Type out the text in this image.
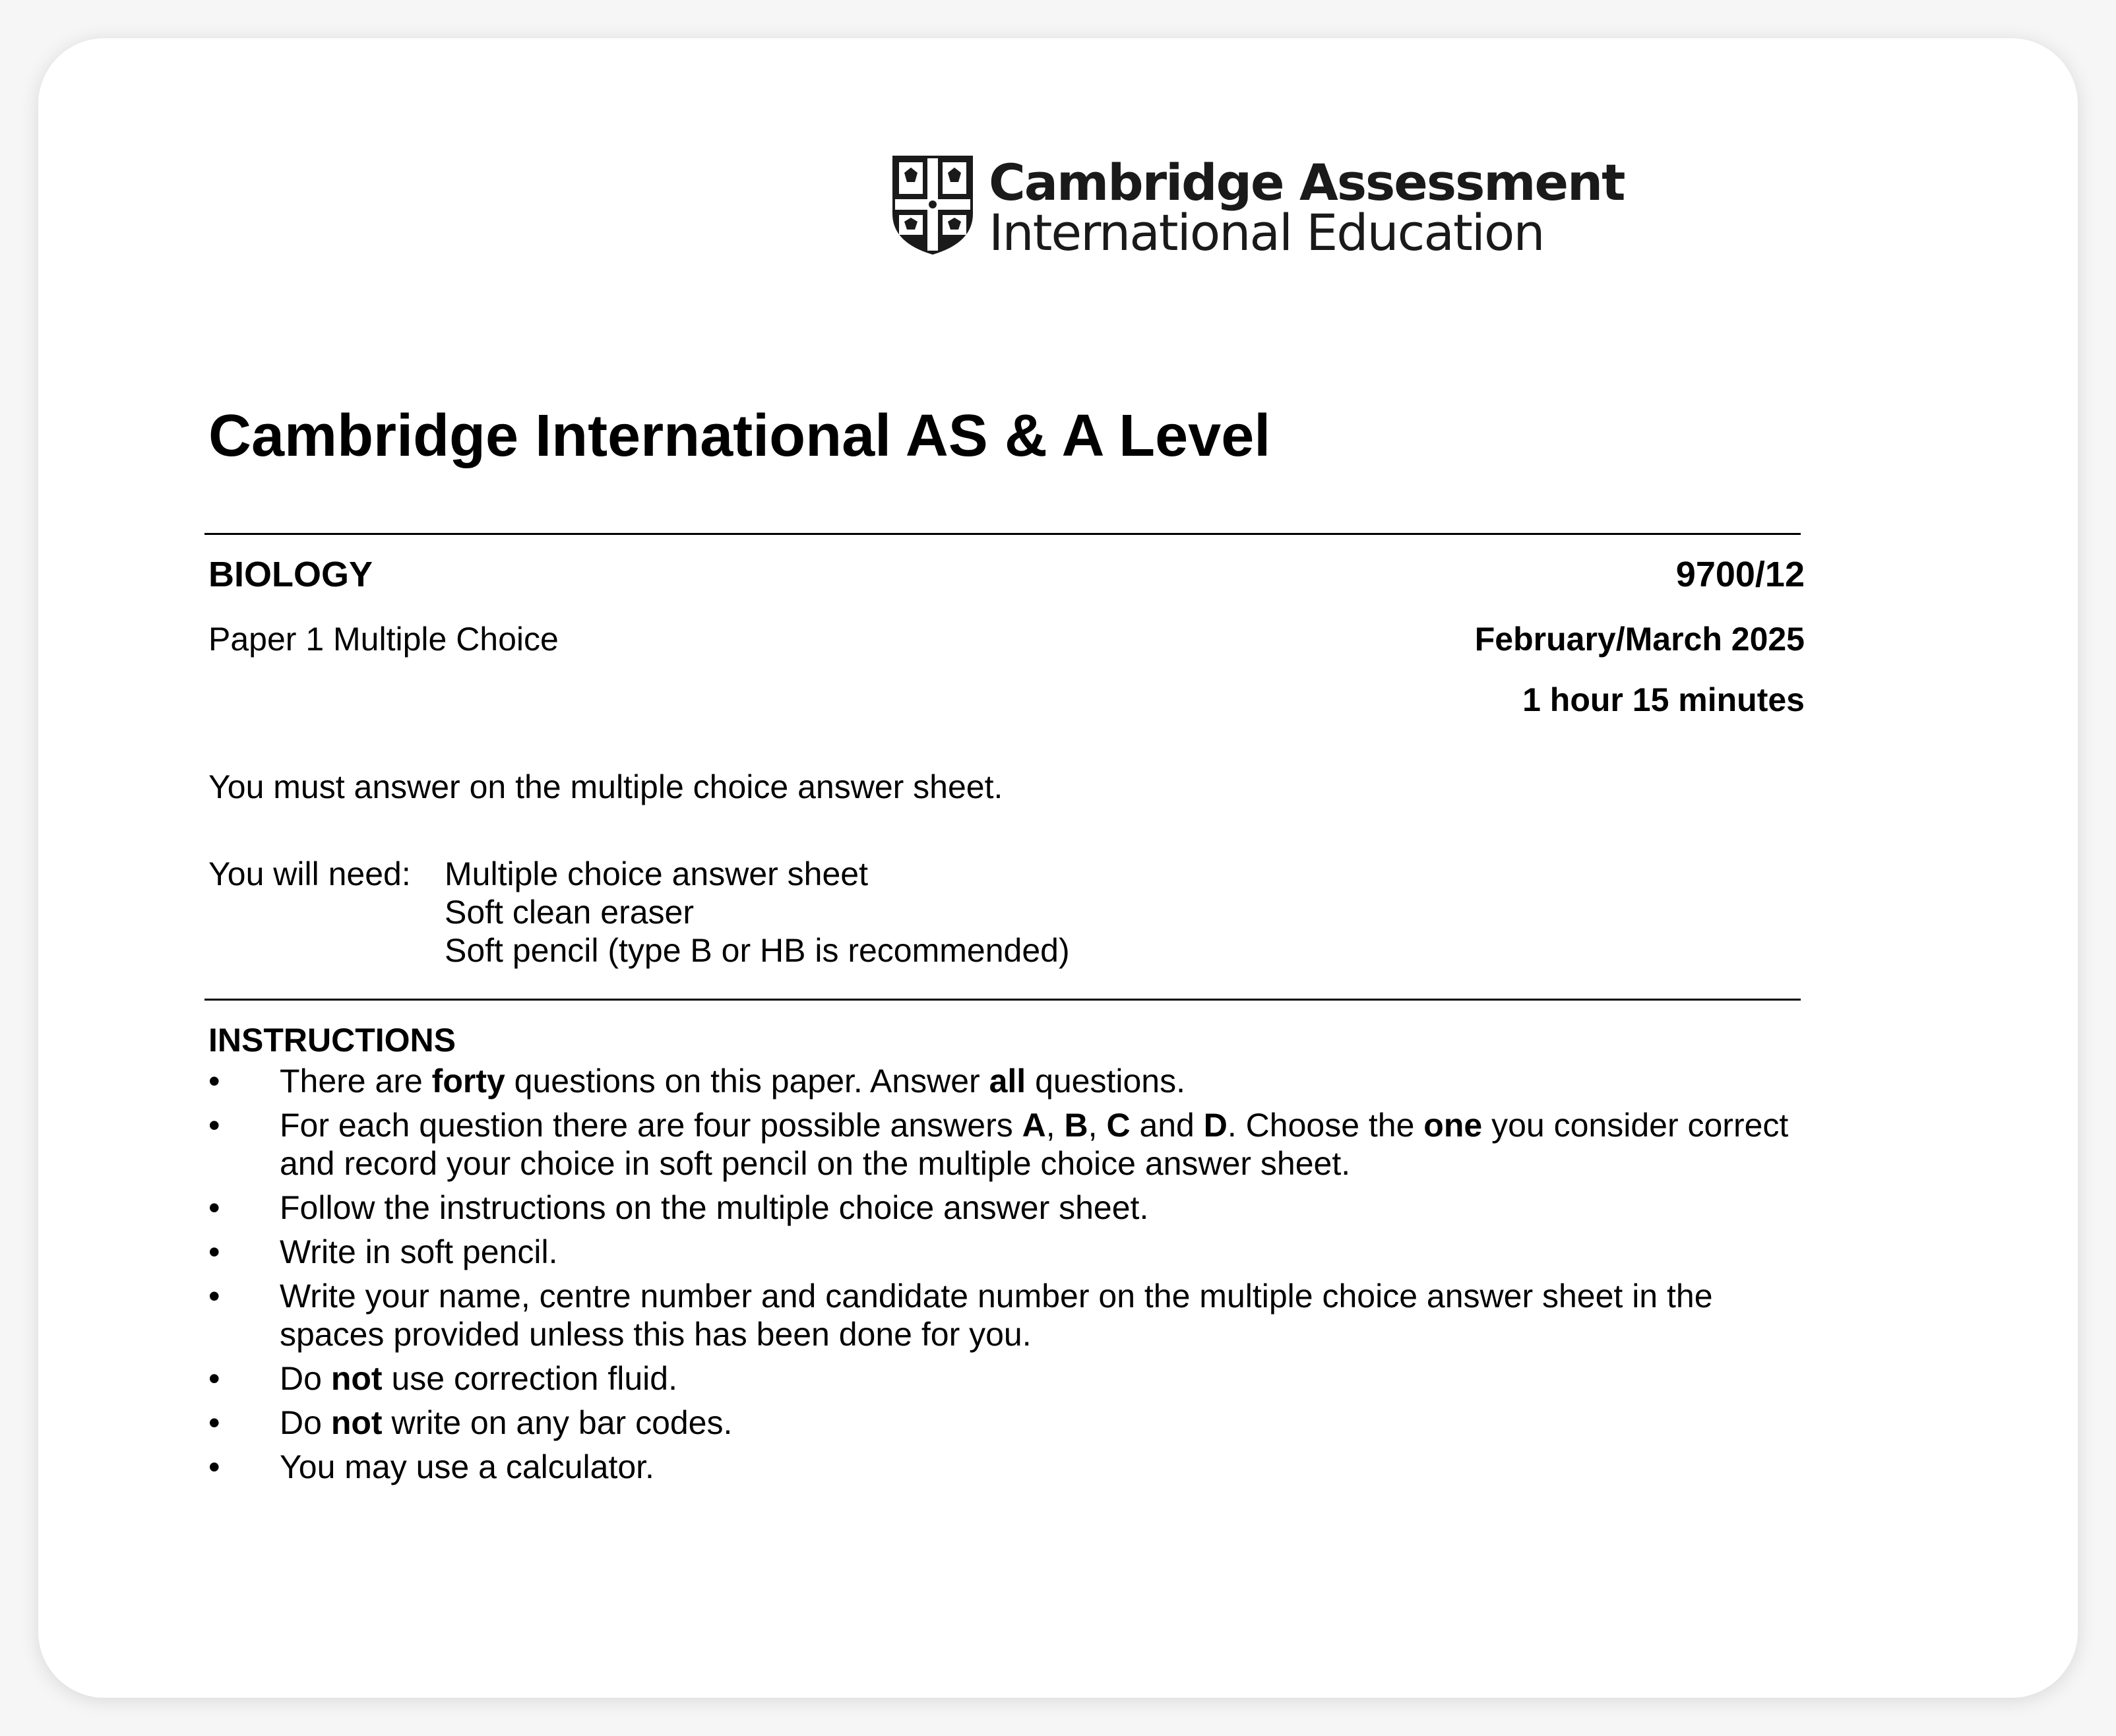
Cambridge Assessment
International Education
Cambridge International AS & A Level
BIOLOGY	9700/12
Paper 1 Multiple Choice	February/March 2025
1 hour 15 minutes
You must answer on the multiple choice answer sheet.
You will need: Multiple choice answer sheet
Soft clean eraser
Soft pencil (type B or HB is recommended)
INSTRUCTIONS
• There are forty questions on this paper. Answer all questions.
• For each question there are four possible answers A, B, C and D. Choose the one you consider correct and record your choice in soft pencil on the multiple choice answer sheet.
• Follow the instructions on the multiple choice answer sheet.
• Write in soft pencil.
• Write your name, centre number and candidate number on the multiple choice answer sheet in the spaces provided unless this has been done for you.
• Do not use correction fluid.
• Do not write on any bar codes.
• You may use a calculator.
